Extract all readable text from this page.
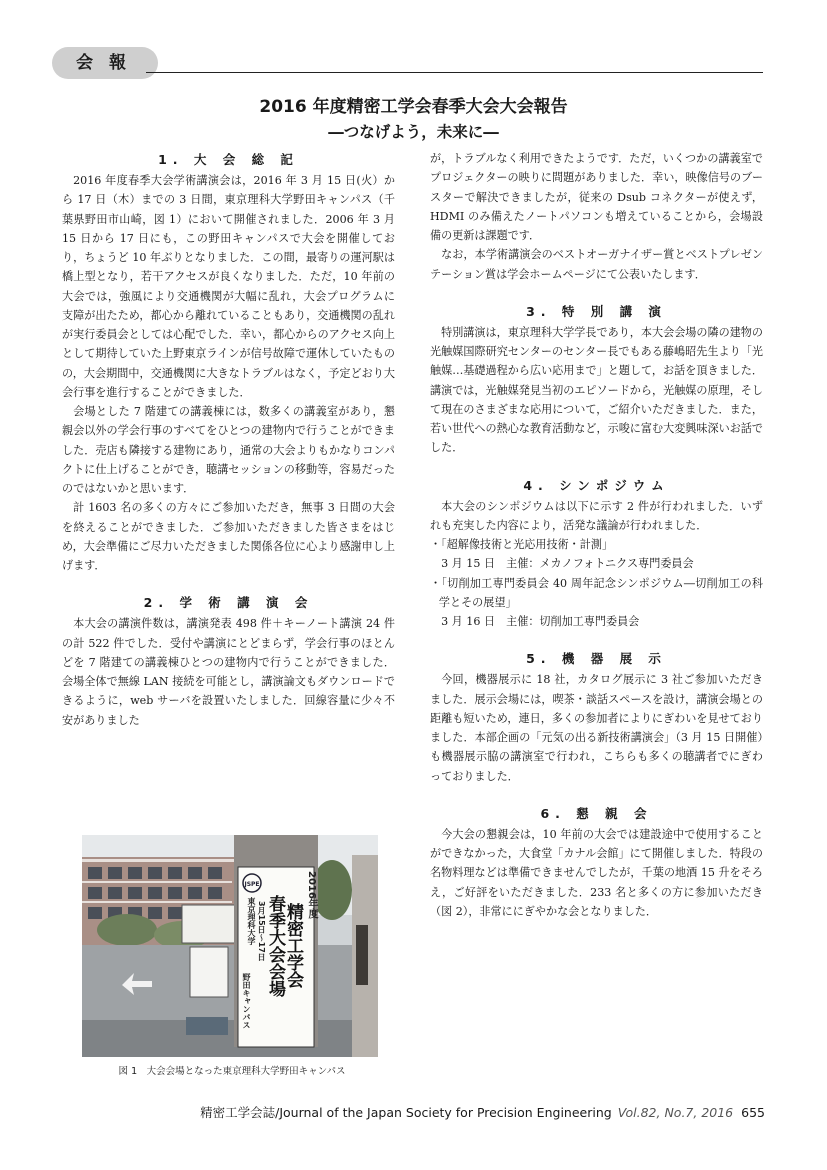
会報
2016 年度精密工学会春季大会大会報告
―つなげよう，未来に―
1. 大 会 総 記

2016 年度春季大会学術講演会は，2016 年 3 月 15 日(火）から 17 日（木）までの 3 日間，東京理科大学野田キャンパス（千葉県野田市山崎，図 1）において開催されました．2006 年 3 月 15 日から 17 日にも，この野田キャンパスで大会を開催しており，ちょうど 10 年ぶりとなりました．この間，最寄りの運河駅は橋上型となり，若干アクセスが良くなりました．ただ，10 年前の大会では，強風により交通機関が大幅に乱れ，大会プログラムに支障が出たため，都心から離れていることもあり，交通機関の乱れが実行委員会としては心配でした．幸い，都心からのアクセス向上として期待していた上野東京ラインが信号故障で運休していたものの，大会期間中，交通機関に大きなトラブルはなく，予定どおり大会行事を進行することができました．

会場とした 7 階建ての講義棟には，数多くの講義室があり，懇親会以外の学会行事のすべてをひとつの建物内で行うことができました．売店も隣接する建物にあり，通常の大会よりもかなりコンパクトに仕上げることができ，聴講セッションの移動等，容易だったのではないかと思います．

計 1603 名の多くの方々にご参加いただき，無事 3 日間の大会を終えることができました．ご参加いただきました皆さまをはじめ，大会準備にご尽力いただきました関係各位に心より感謝申し上げます．

2. 学 術 講 演 会

本大会の講演件数は，講演発表 498 件＋キーノート講演 24 件の計 522 件でした．受付や講演にとどまらず，学会行事のほとんどを 7 階建ての講義棟ひとつの建物内で行うことができました．会場全体で無線 LAN 接続を可能とし，講演論文もダウンロードできるように，web サーバを設置いたしました．回線容量に少々不安がありました

JSPE	2016年度
精密工学会
春季大会会場
3月15日～17日
東京理科大学
野田キャンパス
図 1　大会会場となった東京理科大学野田キャンパス

が，トラブルなく利用できたようです．ただ，いくつかの講義室でプロジェクターの映りに問題がありました．幸い，映像信号のブースターで解決できましたが，従来の Dsub コネクターが使えず，HDMI のみ備えたノートパソコンも増えていることから，会場設備の更新は課題です．

なお，本学術講演会のベストオーガナイザー賞とベストプレゼンテーション賞は学会ホームページにて公表いたします．

3. 特 別 講 演

特別講演は，東京理科大学学長であり，本大会会場の隣の建物の光触媒国際研究センターのセンター長でもある藤嶋昭先生より「光触媒…基礎過程から広い応用まで」と題して，お話を頂きました．講演では，光触媒発見当初のエピソードから，光触媒の原理，そして現在のさまざまな応用について，ご紹介いただきました．また，若い世代への熱心な教育活動など，示唆に富む大変興味深いお話でした．

4. シンポジウム

本大会のシンポジウムは以下に示す 2 件が行われました．いずれも充実した内容により，活発な議論が行われました．

・「超解像技術と光応用技術・計測」

3 月 15 日　主催：メカノフォトニクス専門委員会

・「切削加工専門委員会 40 周年記念シンポジウム―切削加工の科学とその展望」

3 月 16 日　主催：切削加工専門委員会

5. 機 器 展 示

今回，機器展示に 18 社，カタログ展示に 3 社ご参加いただきました．展示会場には，喫茶・談話スペースを設け，講演会場との距離も短いため，連日，多くの参加者によりにぎわいを見せておりました．本部企画の「元気の出る新技術講演会」（3 月 15 日開催）も機器展示脇の講演室で行われ，こちらも多くの聴講者でにぎわっておりました．

6. 懇 親 会

今大会の懇親会は，10 年前の大会では建設途中で使用することができなかった，大食堂「カナル会館」にて開催しました．特段の名物料理などは準備できませんでしたが，千葉の地酒 15 升をそろえ，ご好評をいただきました．233 名と多くの方に参加いただき（図 2），非常ににぎやかな会となりました．

精密工学会誌/Journal of the Japan Society for Precision Engineering Vol.82, No.7, 2016 655
